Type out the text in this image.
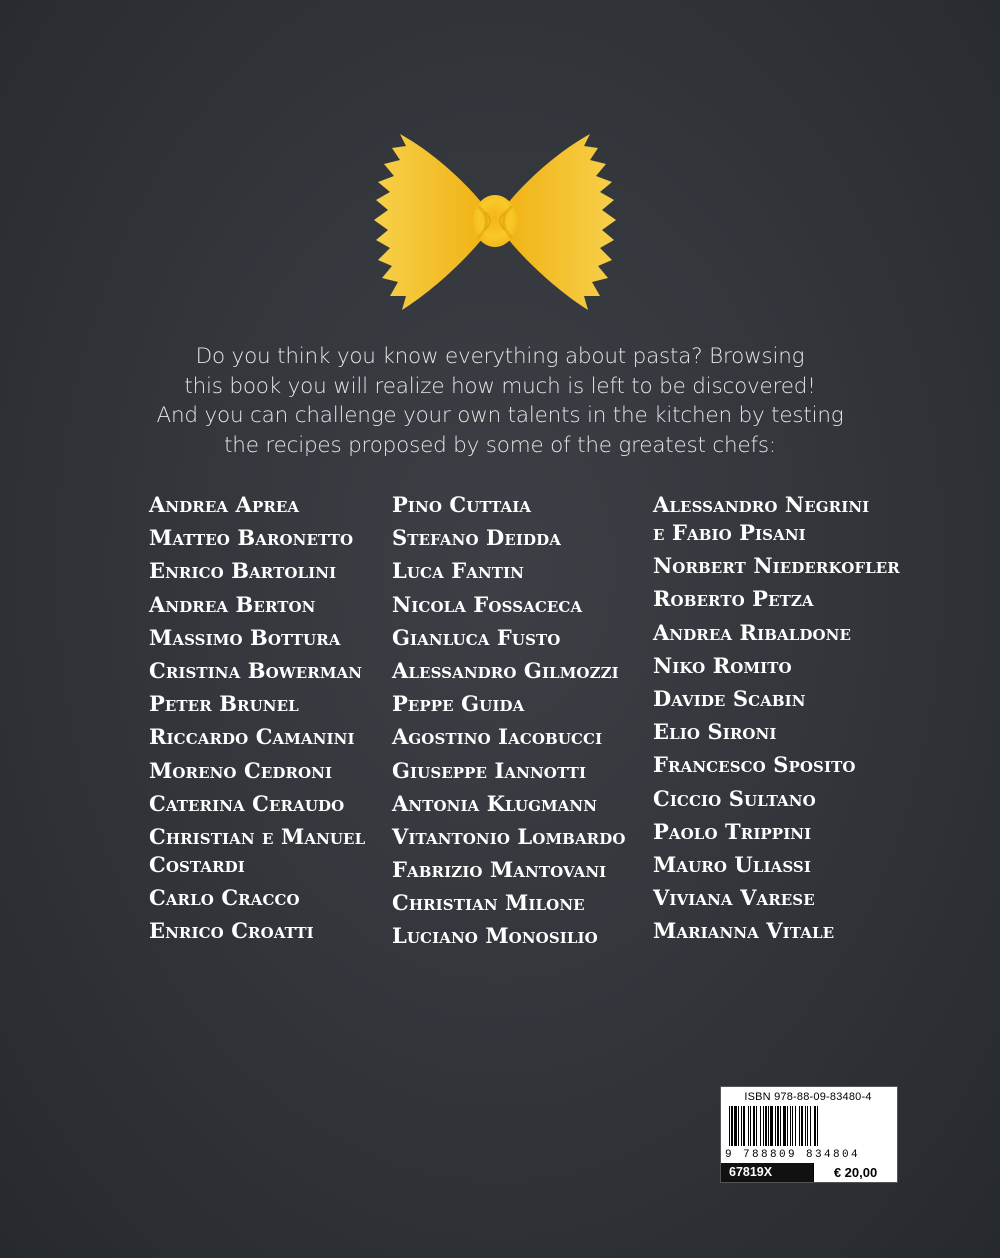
Do you think you know everything about pasta? Browsing
this book you will realize how much is left to be discovered!
And you can challenge your own talents in the kitchen by testing
the recipes proposed by some of the greatest chefs:
Andrea Aprea
Matteo Baronetto
Enrico Bartolini
Andrea Berton
Massimo Bottura
Cristina Bowerman
Peter Brunel
Riccardo Camanini
Moreno Cedroni
Caterina Ceraudo
Christian e Manuel
Costardi
Carlo Cracco
Enrico Croatti
Pino Cuttaia
Stefano Deidda
Luca Fantin
Nicola Fossaceca
Gianluca Fusto
Alessandro Gilmozzi
Peppe Guida
Agostino Iacobucci
Giuseppe Iannotti
Antonia Klugmann
Vitantonio Lombardo
Fabrizio Mantovani
Christian Milone
Luciano Monosilio
Alessandro Negrini
e Fabio Pisani
Norbert Niederkofler
Roberto Petza
Andrea Ribaldone
Niko Romito
Davide Scabin
Elio Sironi
Francesco Sposito
Ciccio Sultano
Paolo Trippini
Mauro Uliassi
Viviana Varese
Marianna Vitale
ISBN 978-88-09-83480-4
9 788809 834804
67819X	€ 20,00
